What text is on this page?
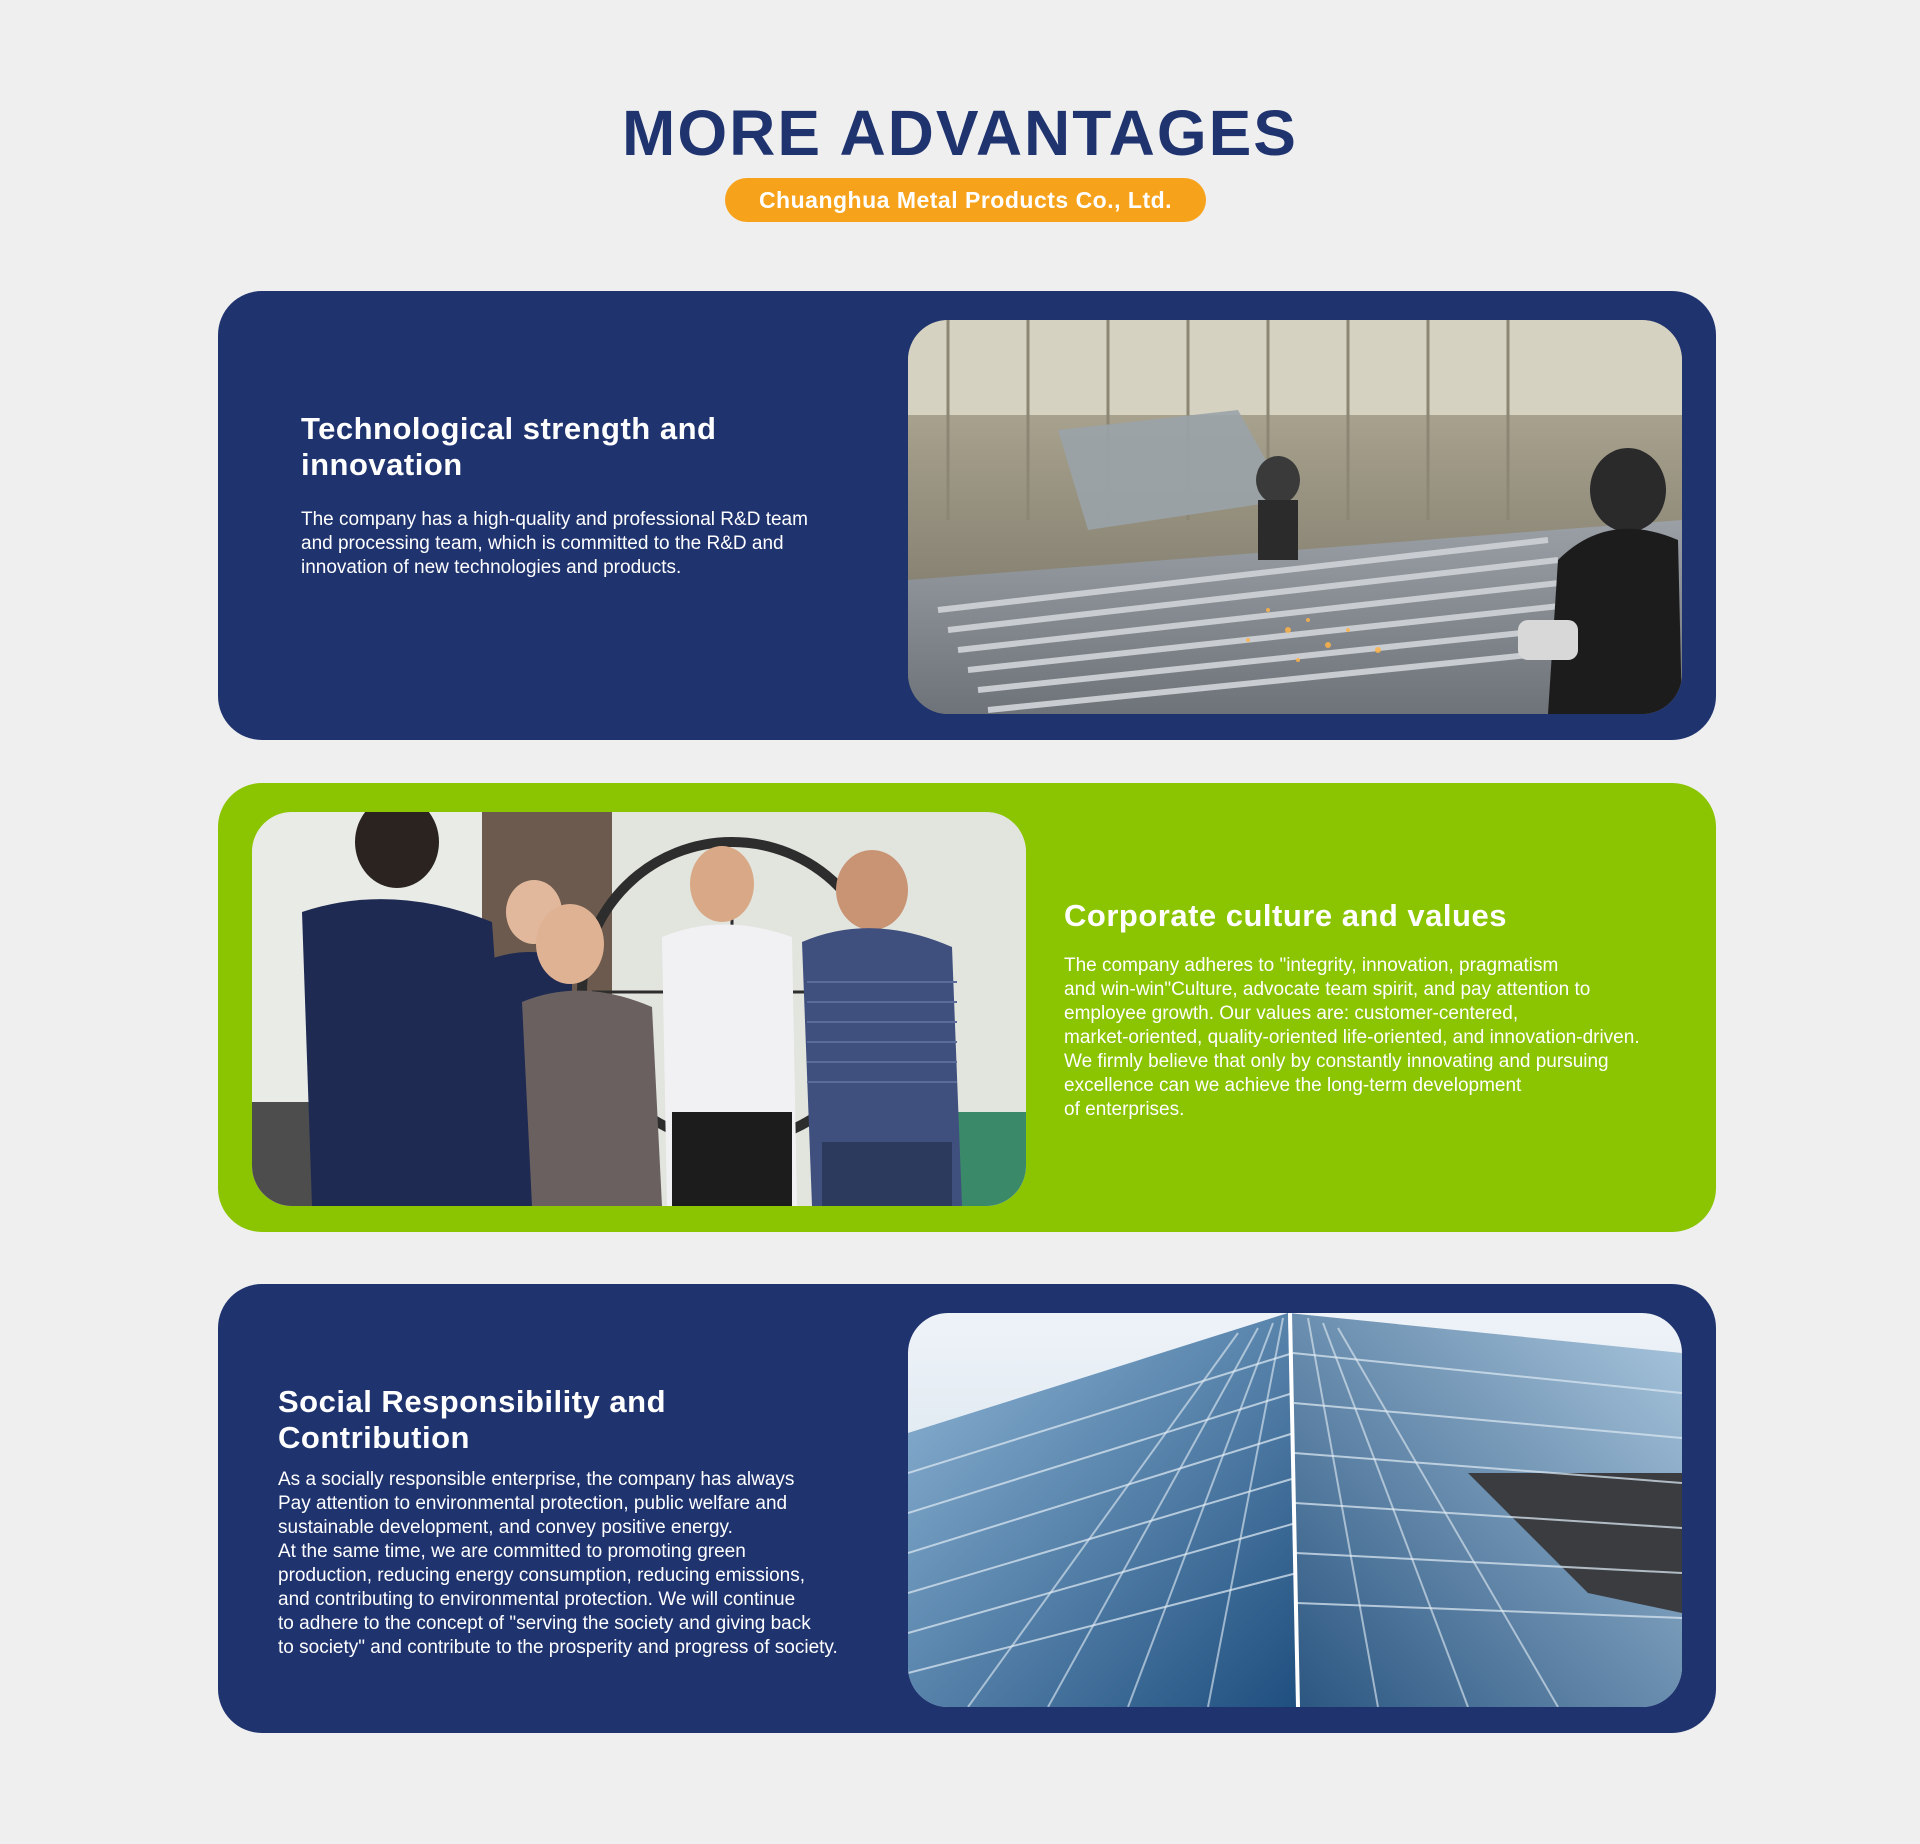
MORE ADVANTAGES
Chuanghua Metal Products Co., Ltd.
Technological strength and
innovation

The company has a high-quality and professional R&D team
and processing team, which is committed to the R&D and
innovation of new technologies and products.

Corporate culture and values

The company adheres to "integrity, innovation, pragmatism
and win-win"Culture, advocate team spirit, and pay attention to
employee growth. Our values are: customer-centered,
market-oriented, quality-oriented life-oriented, and innovation-driven.
We firmly believe that only by constantly innovating and pursuing
excellence can we achieve the long-term development
of enterprises.

Social Responsibility and
Contribution

As a socially responsible enterprise, the company has always
Pay attention to environmental protection, public welfare and
sustainable development, and convey positive energy.
At the same time, we are committed to promoting green
production, reducing energy consumption, reducing emissions,
and contributing to environmental protection. We will continue
to adhere to the concept of "serving the society and giving back
to society" and contribute to the prosperity and progress of society.
